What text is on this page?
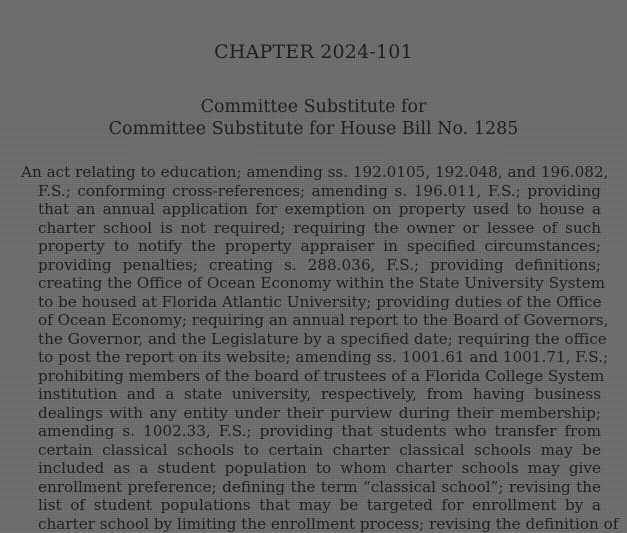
CHAPTER 2024-101
Committee Substitute for
Committee Substitute for House Bill No. 1285
An act relating to education; amending ss. 192.0105, 192.048, and 196.082,
F.S.; conforming cross-references; amending s. 196.011, F.S.; providing
that an annual application for exemption on property used to house a
charter school is not required; requiring the owner or lessee of such
property to notify the property appraiser in specified circumstances;
providing penalties; creating s. 288.036, F.S.; providing definitions;
creating the Office of Ocean Economy within the State University System
to be housed at Florida Atlantic University; providing duties of the Office
of Ocean Economy; requiring an annual report to the Board of Governors,
the Governor, and the Legislature by a specified date; requiring the office
to post the report on its website; amending ss. 1001.61 and 1001.71, F.S.;
prohibiting members of the board of trustees of a Florida College System
institution and a state university, respectively, from having business
dealings with any entity under their purview during their membership;
amending s. 1002.33, F.S.; providing that students who transfer from
certain classical schools to certain charter classical schools may be
included as a student population to whom charter schools may give
enrollment preference; defining the term “classical school”; revising the
list of student populations that may be targeted for enrollment by a
charter school by limiting the enrollment process; revising the definition of
